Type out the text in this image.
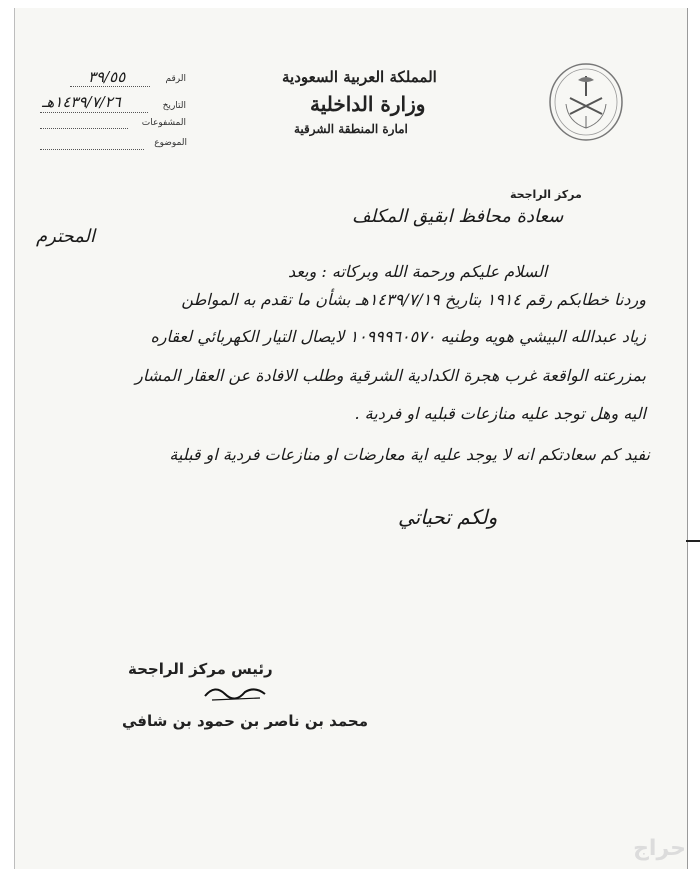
الرقم
٣٩/٥٥
التاريخ
١٤٣٩/٧/٢٦هـ
المشفوعات
الموضوع
المملكة العربية السعودية
وزارة الداخلية
امارة المنطقة الشرقية
مركز الراجحة
سعادة محافظ ابقيق المكلف
المحترم
السلام عليكم ورحمة الله وبركاته : وبعد
وردنا خطابكم رقم ١٩١٤ بتاريخ ١٤٣٩/٧/١٩هـ بشأن ما تقدم به المواطن
زياد عبدالله البيشي هويه وطنيه ١٠٩٩٩٦٠٥٧٠ لايصال التيار الكهربائي لعقاره
بمزرعته الواقعة غرب هجرة الكدادية الشرقية وطلب الافادة عن العقار المشار
اليه وهل توجد عليه منازعات قبليه او فردية .
نفيد كم سعادتكم انه لا يوجد عليه اية معارضات او منازعات فردية او قبلية
ولكم تحياتي
رئيس مركز الراجحة
محمد بن ناصر بن حمود بن شافي
حراج
